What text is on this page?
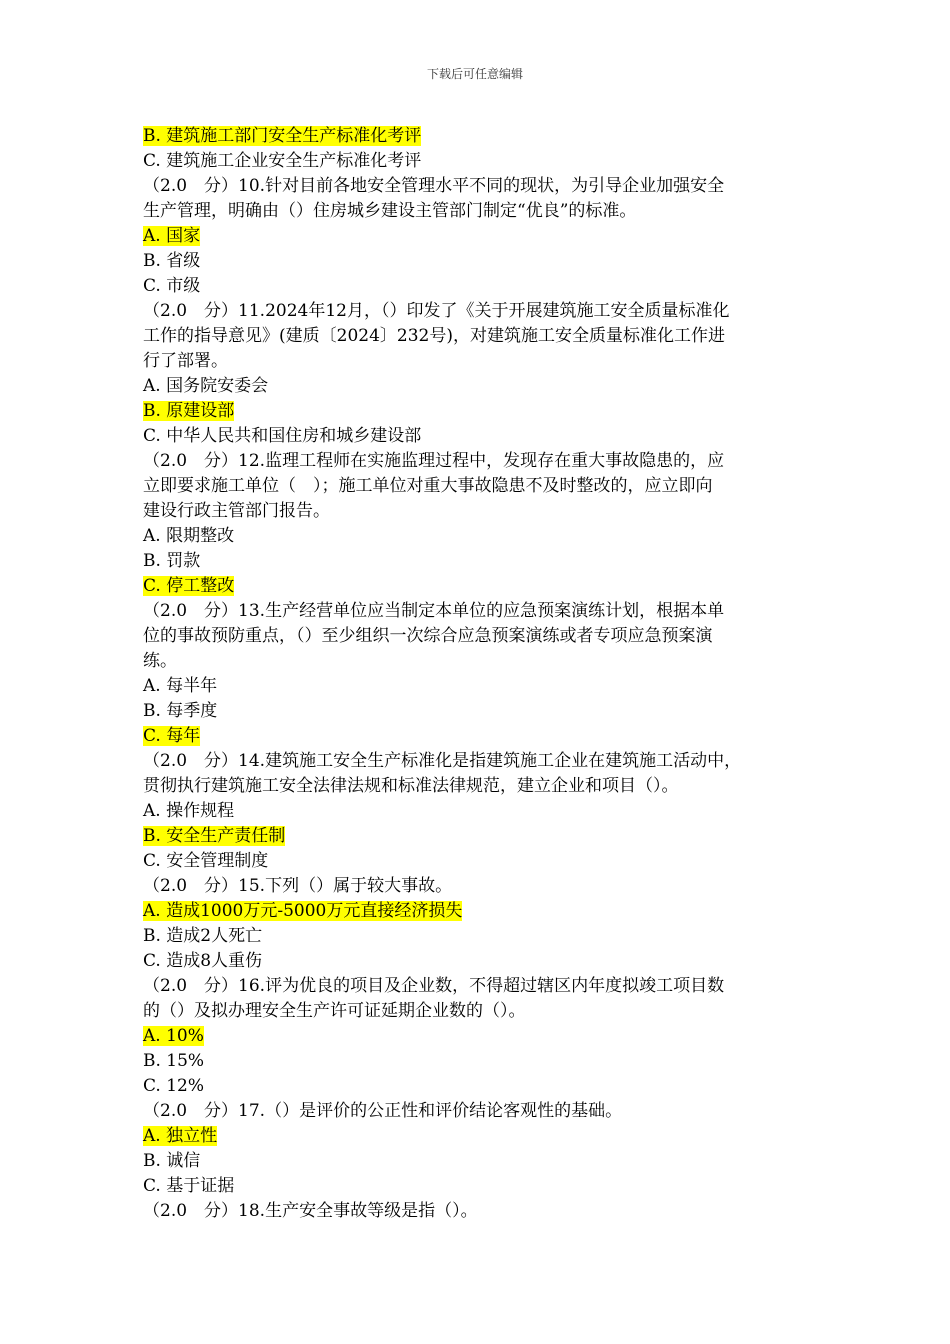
下载后可任意编辑
B. 建筑施工部门安全生产标准化考评
C. 建筑施工企业安全生产标准化考评
（2.0　分）10.针对目前各地安全管理水平不同的现状，为引导企业加强安全
生产管理，明确由（）住房城乡建设主管部门制定“优良”的标准。
A. 国家
B. 省级
C. 市级
（2.0　分）11.2024年12月，（）印发了《关于开展建筑施工安全质量标准化
工作的指导意见》(建质〔2024〕232号)，对建筑施工安全质量标准化工作进
行了部署。
A. 国务院安委会
B. 原建设部
C. 中华人民共和国住房和城乡建设部
（2.0　分）12.监理工程师在实施监理过程中，发现存在重大事故隐患的，应
立即要求施工单位（　）；施工单位对重大事故隐患不及时整改的，应立即向
建设行政主管部门报告。
A. 限期整改
B. 罚款
C. 停工整改
（2.0　分）13.生产经营单位应当制定本单位的应急预案演练计划，根据本单
位的事故预防重点，（）至少组织一次综合应急预案演练或者专项应急预案演
练。
A. 每半年
B. 每季度
C. 每年
（2.0　分）14.建筑施工安全生产标准化是指建筑施工企业在建筑施工活动中，
贯彻执行建筑施工安全法律法规和标准法律规范，建立企业和项目（）。
A. 操作规程
B. 安全生产责任制
C. 安全管理制度
（2.0　分）15.下列（）属于较大事故。
A. 造成1000万元-5000万元直接经济损失
B. 造成2人死亡
C. 造成8人重伤
（2.0　分）16.评为优良的项目及企业数，不得超过辖区内年度拟竣工项目数
的（）及拟办理安全生产许可证延期企业数的（）。
A. 10%
B. 15%
C. 12%
（2.0　分）17.（）是评价的公正性和评价结论客观性的基础。
A. 独立性
B. 诚信
C. 基于证据
（2.0　分）18.生产安全事故等级是指（）。
